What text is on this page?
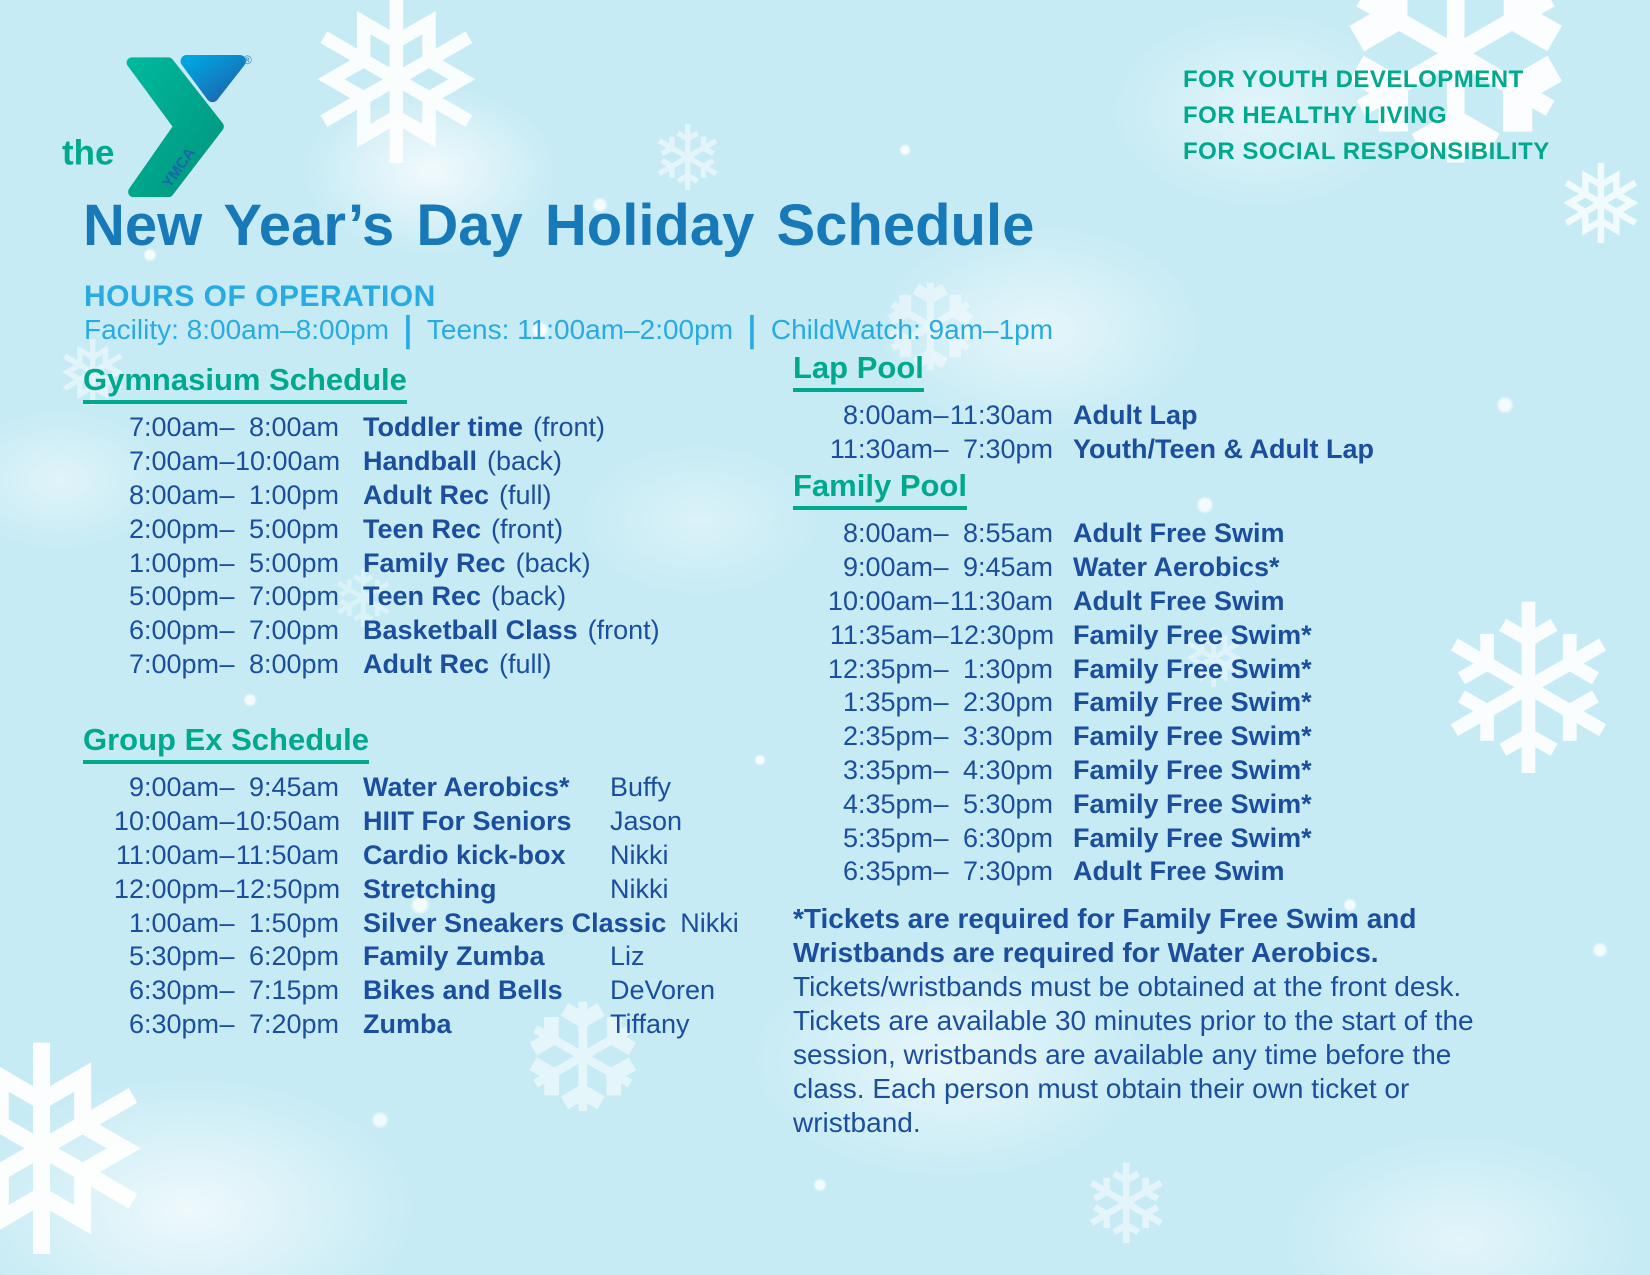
❅
❆
❅
❄
❅
❆
❄
❆
❄
❅
❄
❅
the YMCA
®
FOR YOUTH DEVELOPMENT
FOR HEALTHY LIVING
FOR SOCIAL RESPONSIBILITY
New Year’s Day Holiday Schedule
HOURS OF OPERATION
Facility: 8:00am–8:00pm | Teens: 11:00am–2:00pm | ChildWatch: 9am–1pm
Gymnasium Schedule
7:00am – 8:00am Toddler time (front)
7:00am – 10:00am Handball (back)
8:00am – 1:00pm Adult Rec (full)
2:00pm – 5:00pm Teen Rec (front)
1:00pm – 5:00pm Family Rec (back)
5:00pm – 7:00pm Teen Rec (back)
6:00pm – 7:00pm Basketball Class (front)
7:00pm – 8:00pm Adult Rec (full)
Group Ex Schedule
9:00am – 9:45am Water Aerobics*	Buffy
10:00am – 10:50am HIIT For Seniors	Jason
11:00am – 11:50am Cardio kick-box	Nikki
12:00pm – 12:50pm Stretching	Nikki
1:00am – 1:50pm Silver Sneakers Classic Nikki
5:30pm – 6:20pm Family Zumba	Liz
6:30pm – 7:15pm Bikes and Bells	DeVoren
6:30pm – 7:20pm Zumba	Tiffany
Lap Pool
8:00am – 11:30am Adult Lap
11:30am – 7:30pm Youth/Teen & Adult Lap
Family Pool
8:00am – 8:55am Adult Free Swim
9:00am – 9:45am Water Aerobics*
10:00am – 11:30am Adult Free Swim
11:35am – 12:30pm Family Free Swim*
12:35pm – 1:30pm Family Free Swim*
1:35pm – 2:30pm Family Free Swim*
2:35pm – 3:30pm Family Free Swim*
3:35pm – 4:30pm Family Free Swim*
4:35pm – 5:30pm Family Free Swim*
5:35pm – 6:30pm Family Free Swim*
6:35pm – 7:30pm Adult Free Swim
*Tickets are required for Family Free Swim and Wristbands are required for Water Aerobics. Tickets/wristbands must be obtained at the front desk. Tickets are available 30 minutes prior to the start of the session, wristbands are available any time before the class. Each person must obtain their own ticket or wristband.
